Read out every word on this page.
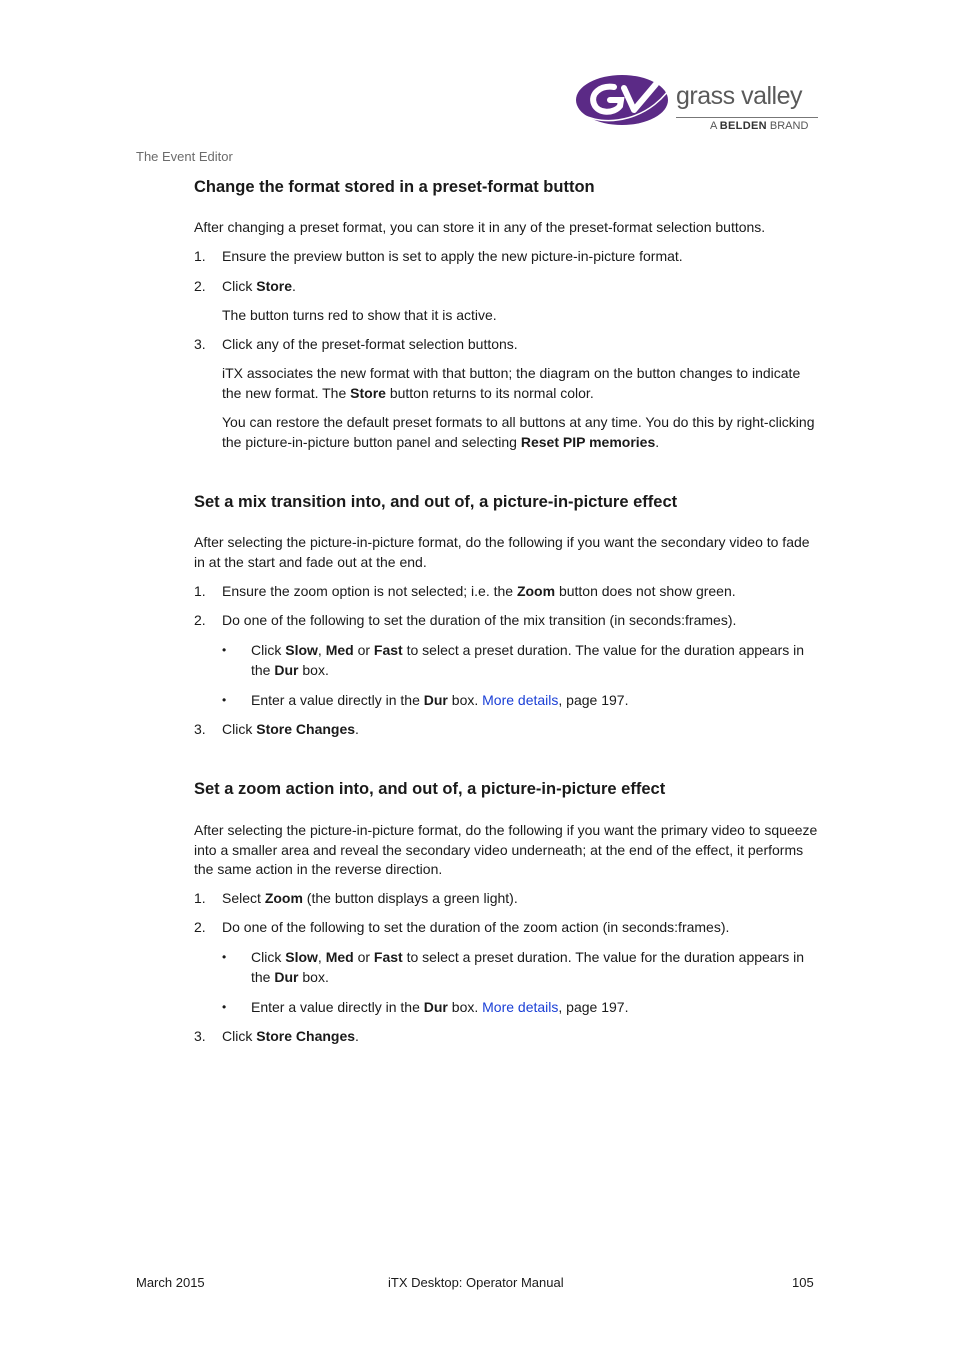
grass valley
A BELDEN BRAND
The Event Editor
Change the format stored in a preset-format button

After changing a preset format, you can store it in any of the preset-format selection buttons.

1. Ensure the preview button is set to apply the new picture-in-picture format.
2. Click Store.

The button turns red to show that it is active.

3. Click any of the preset-format selection buttons.

iTX associates the new format with that button; the diagram on the button changes to indicate the new format. The Store button returns to its normal color.

You can restore the default preset formats to all buttons at any time. You do this by right-clicking the picture-in-picture button panel and selecting Reset PIP memories.

Set a mix transition into, and out of, a picture-in-picture effect

After selecting the picture-in-picture format, do the following if you want the secondary video to fade in at the start and fade out at the end.

1. Ensure the zoom option is not selected; i.e. the Zoom button does not show green.
2. Do one of the following to set the duration of the mix transition (in seconds:frames).
• Click Slow, Med or Fast to select a preset duration. The value for the duration appears in the Dur box.
• Enter a value directly in the Dur box. More details, page 197.
3. Click Store Changes.
Set a zoom action into, and out of, a picture-in-picture effect

After selecting the picture-in-picture format, do the following if you want the primary video to squeeze into a smaller area and reveal the secondary video underneath; at the end of the effect, it performs the same action in the reverse direction.

1. Select Zoom (the button displays a green light).
2. Do one of the following to set the duration of the zoom action (in seconds:frames).
• Click Slow, Med or Fast to select a preset duration. The value for the duration appears in the Dur box.
• Enter a value directly in the Dur box. More details, page 197.
3. Click Store Changes.
March 2015	iTX Desktop: Operator Manual	105
